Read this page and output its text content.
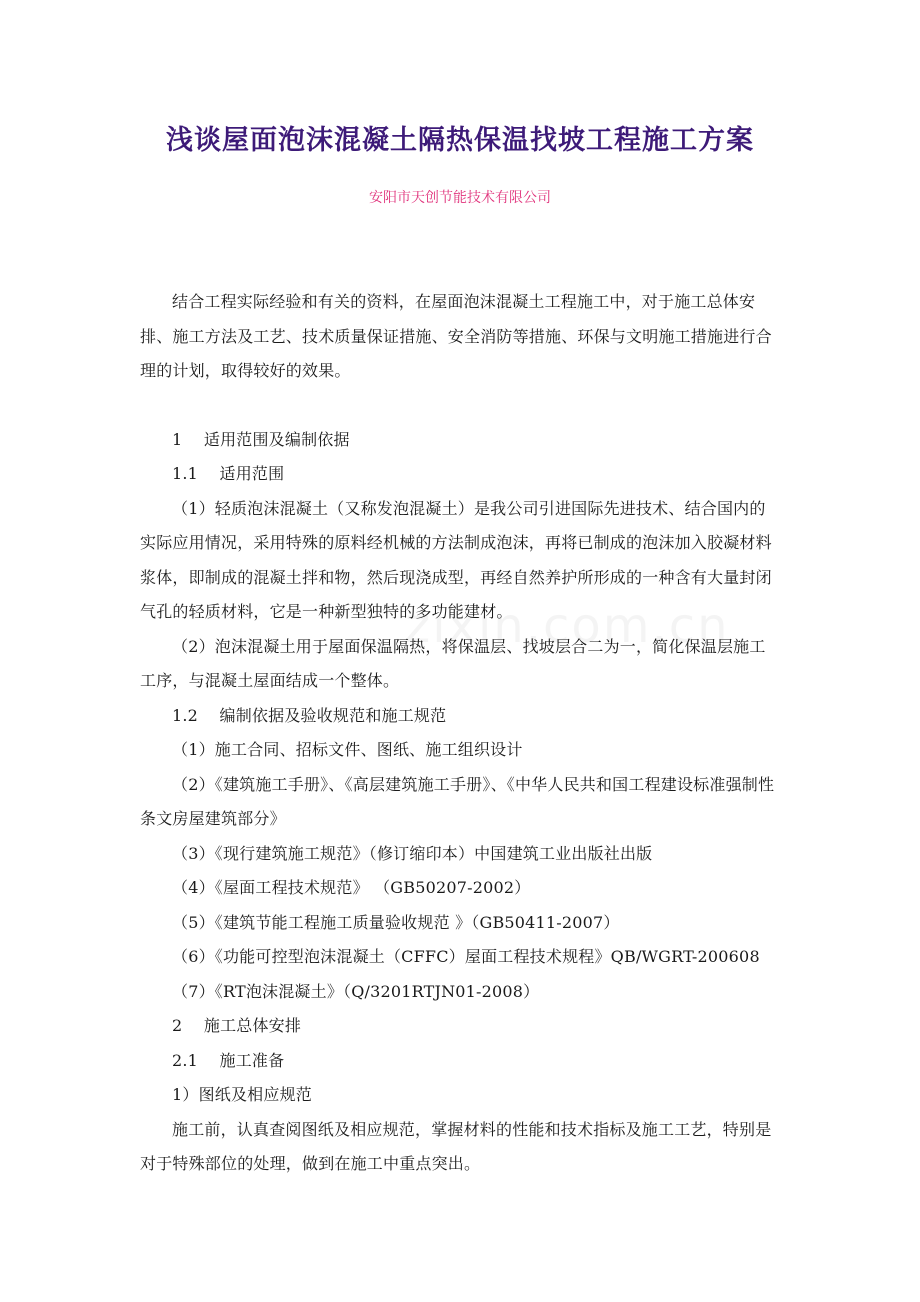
浅谈屋面泡沫混凝土隔热保温找坡工程施工方案
安阳市天创节能技术有限公司

结合工程实际经验和有关的资料，在屋面泡沫混凝土工程施工中，对于施工总体安排、施工方法及工艺、技术质量保证措施、安全消防等措施、环保与文明施工措施进行合理的计划，取得较好的效果。

1　 适用范围及编制依据

1.1　 适用范围

（1）轻质泡沫混凝土（又称发泡混凝土）是我公司引进国际先进技术、结合国内的实际应用情况，采用特殊的原料经机械的方法制成泡沫，再将已制成的泡沫加入胶凝材料浆体，即制成的混凝土拌和物，然后现浇成型，再经自然养护所形成的一种含有大量封闭气孔的轻质材料，它是一种新型独特的多功能建材。

（2）泡沫混凝土用于屋面保温隔热，将保温层、找坡层合二为一，简化保温层施工工序，与混凝土屋面结成一个整体。

1.2　 编制依据及验收规范和施工规范

（1）施工合同、招标文件、图纸、施工组织设计

（2）《建筑施工手册》、《高层建筑施工手册》、《中华人民共和国工程建设标准强制性条文房屋建筑部分》

（3）《现行建筑施工规范》（修订缩印本）中国建筑工业出版社出版

（4）《屋面工程技术规范》 （GB50207-2002）

（5）《建筑节能工程施工质量验收规范 》（GB50411-2007）

（6）《功能可控型泡沫混凝土（CFFC）屋面工程技术规程》QB/WGRT-200608

（7）《RT泡沫混凝土》（Q/3201RTJN01-2008）

2　 施工总体安排

2.1　 施工准备

1）图纸及相应规范

施工前，认真查阅图纸及相应规范，掌握材料的性能和技术指标及施工工艺，特别是对于特殊部位的处理，做到在施工中重点突出。
